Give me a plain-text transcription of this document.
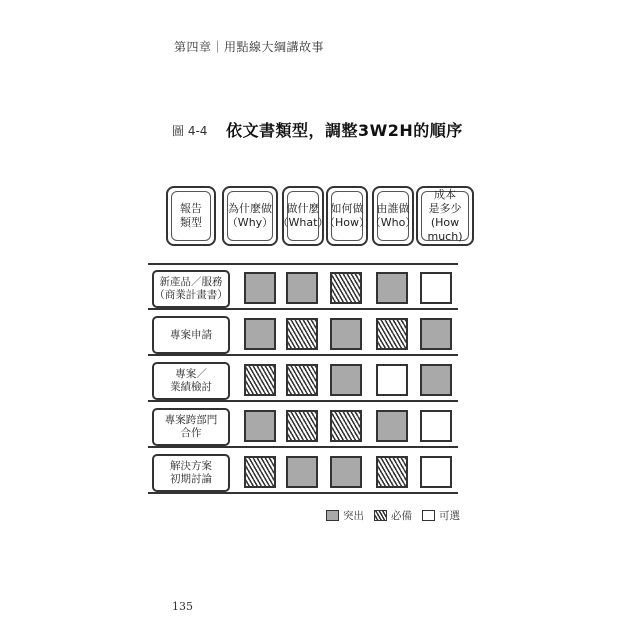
第四章｜用點線大綱講故事
圖 4-4 依文書類型，調整3W2H的順序
報告
類型
為什麼做
（Why）
做什麼
（What）
如何做
（How）
由誰做
（Who）
成本
是多少
(How much)
新產品／服務
（商業計畫書）
專案申請
專案／
業績檢討
專案跨部門
合作
解決方案
初期討論
突出	必備	可選
135
